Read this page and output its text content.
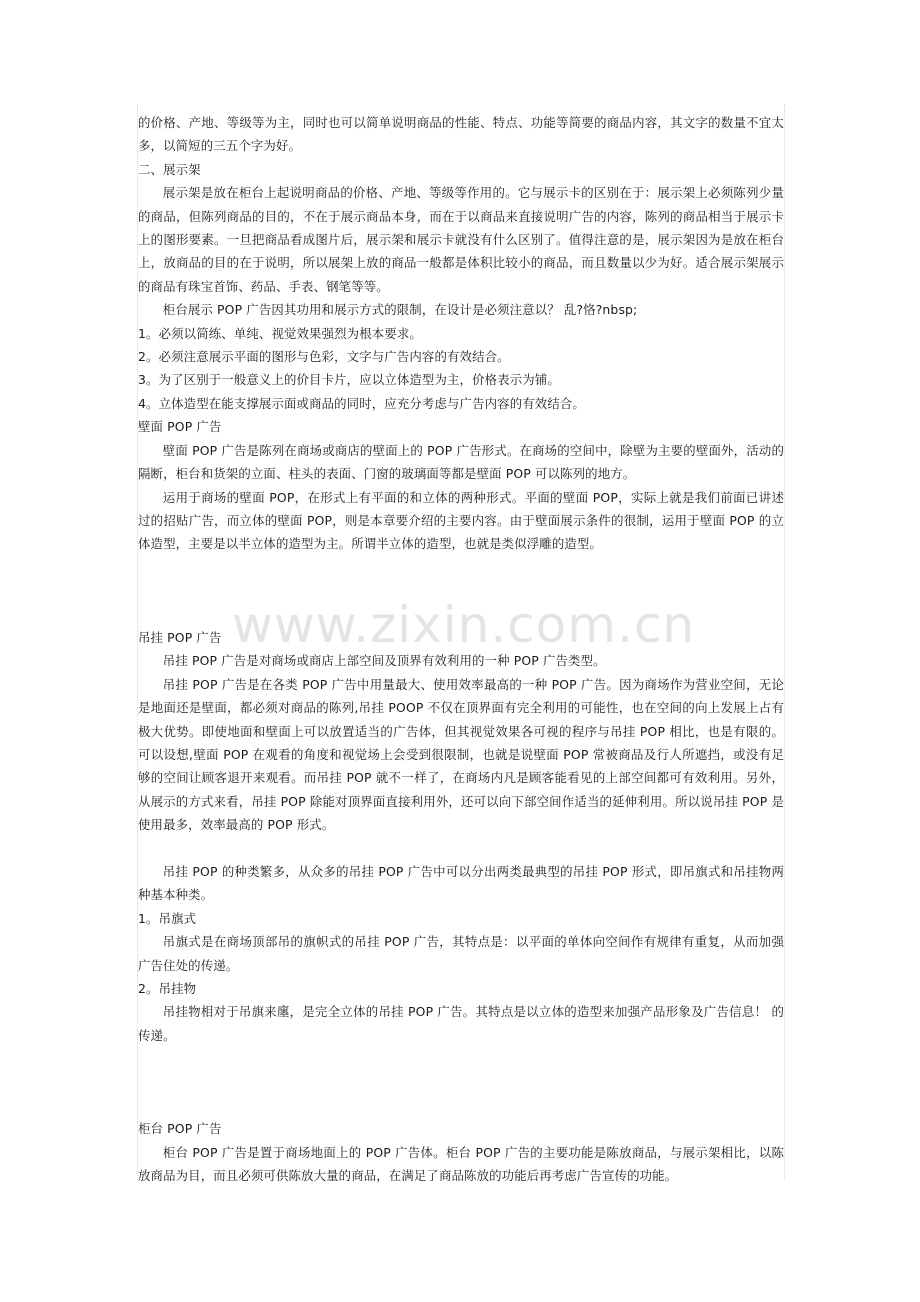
www.zixin.com.cn

的价格、产地、等级等为主，同时也可以简单说明商品的性能、特点、功能等简要的商品内容，其文字的数量不宜太多，以简短的三五个字为好。

二、展示架

展示架是放在柜台上起说明商品的价格、产地、等级等作用的。它与展示卡的区别在于：展示架上必须陈列少量的商品，但陈列商品的目的，不在于展示商品本身，而在于以商品来直接说明广告的内容，陈列的商品相当于展示卡上的图形要素。一旦把商品看成图片后，展示架和展示卡就没有什么区别了。值得注意的是，展示架因为是放在柜台上，放商品的目的在于说明，所以展架上放的商品一般都是体积比较小的商品，而且数量以少为好。适合展示架展示的商品有珠宝首饰、药品、手表、钢笔等等。

柜台展示 POP 广告因其功用和展示方式的限制，在设计是必须注意以？ 乱?恪?nbsp;

1。必须以简练、单纯、视觉效果强烈为根本要求。

2。必须注意展示平面的图形与色彩，文字与广告内容的有效结合。

3。为了区别于一般意义上的价目卡片，应以立体造型为主，价格表示为铺。

4。立体造型在能支撑展示面或商品的同时，应充分考虑与广告内容的有效结合。

壁面 POP 广告

壁面 POP 广告是陈列在商场或商店的壁面上的 POP 广告形式。在商场的空间中，除壁为主要的壁面外，活动的隔断，柜台和货架的立面、柱头的表面、门窗的玻璃面等都是壁面 POP 可以陈列的地方。

运用于商场的壁面 POP，在形式上有平面的和立体的两种形式。平面的壁面 POP，实际上就是我们前面已讲述过的招贴广告，而立体的壁面 POP，则是本章要介绍的主要内容。由于壁面展示条件的很制，运用于壁面 POP 的立体造型，主要是以半立体的造型为主。所谓半立体的造型，也就是类似浮雕的造型。

吊挂 POP 广告

吊挂 POP 广告是对商场或商店上部空间及顶界有效利用的一种 POP 广告类型。

吊挂 POP 广告是在各类 POP 广告中用量最大、使用效率最高的一种 POP 广告。因为商场作为营业空间，无论是地面还是壁面，都必须对商品的陈列,吊挂 POOP 不仅在顶界面有完全利用的可能性，也在空间的向上发展上占有极大优势。即使地面和壁面上可以放置适当的广告体，但其视觉效果各可视的程序与吊挂 POP 相比，也是有限的。可以设想,壁面 POP 在观看的角度和视觉场上会受到很限制，也就是说壁面 POP 常被商品及行人所遮挡，或没有足够的空间让顾客退开来观看。而吊挂 POP 就不一样了，在商场内凡是顾客能看见的上部空间都可有效利用。另外，从展示的方式来看，吊挂 POP 除能对顶界面直接利用外，还可以向下部空间作适当的延伸利用。所以说吊挂 POP 是使用最多，效率最高的 POP 形式。

吊挂 POP 的种类繁多，从众多的吊挂 POP 广告中可以分出两类最典型的吊挂 POP 形式，即吊旗式和吊挂物两种基本种类。

1。吊旗式

吊旗式是在商场顶部吊的旗帜式的吊挂 POP 广告，其特点是：以平面的单体向空间作有规律有重复，从而加强广告住处的传递。

2。吊挂物

吊挂物相对于吊旗来廛，是完全立体的吊挂 POP 广告。其特点是以立体的造型来加强产品形象及广告信息！ 的传递。

柜台 POP 广告

柜台 POP 广告是置于商场地面上的 POP 广告体。柜台 POP 广告的主要功能是陈放商品，与展示架相比，以陈放商品为目，而且必须可供陈放大量的商品，在满足了商品陈放的功能后再考虑广告宣传的功能。
